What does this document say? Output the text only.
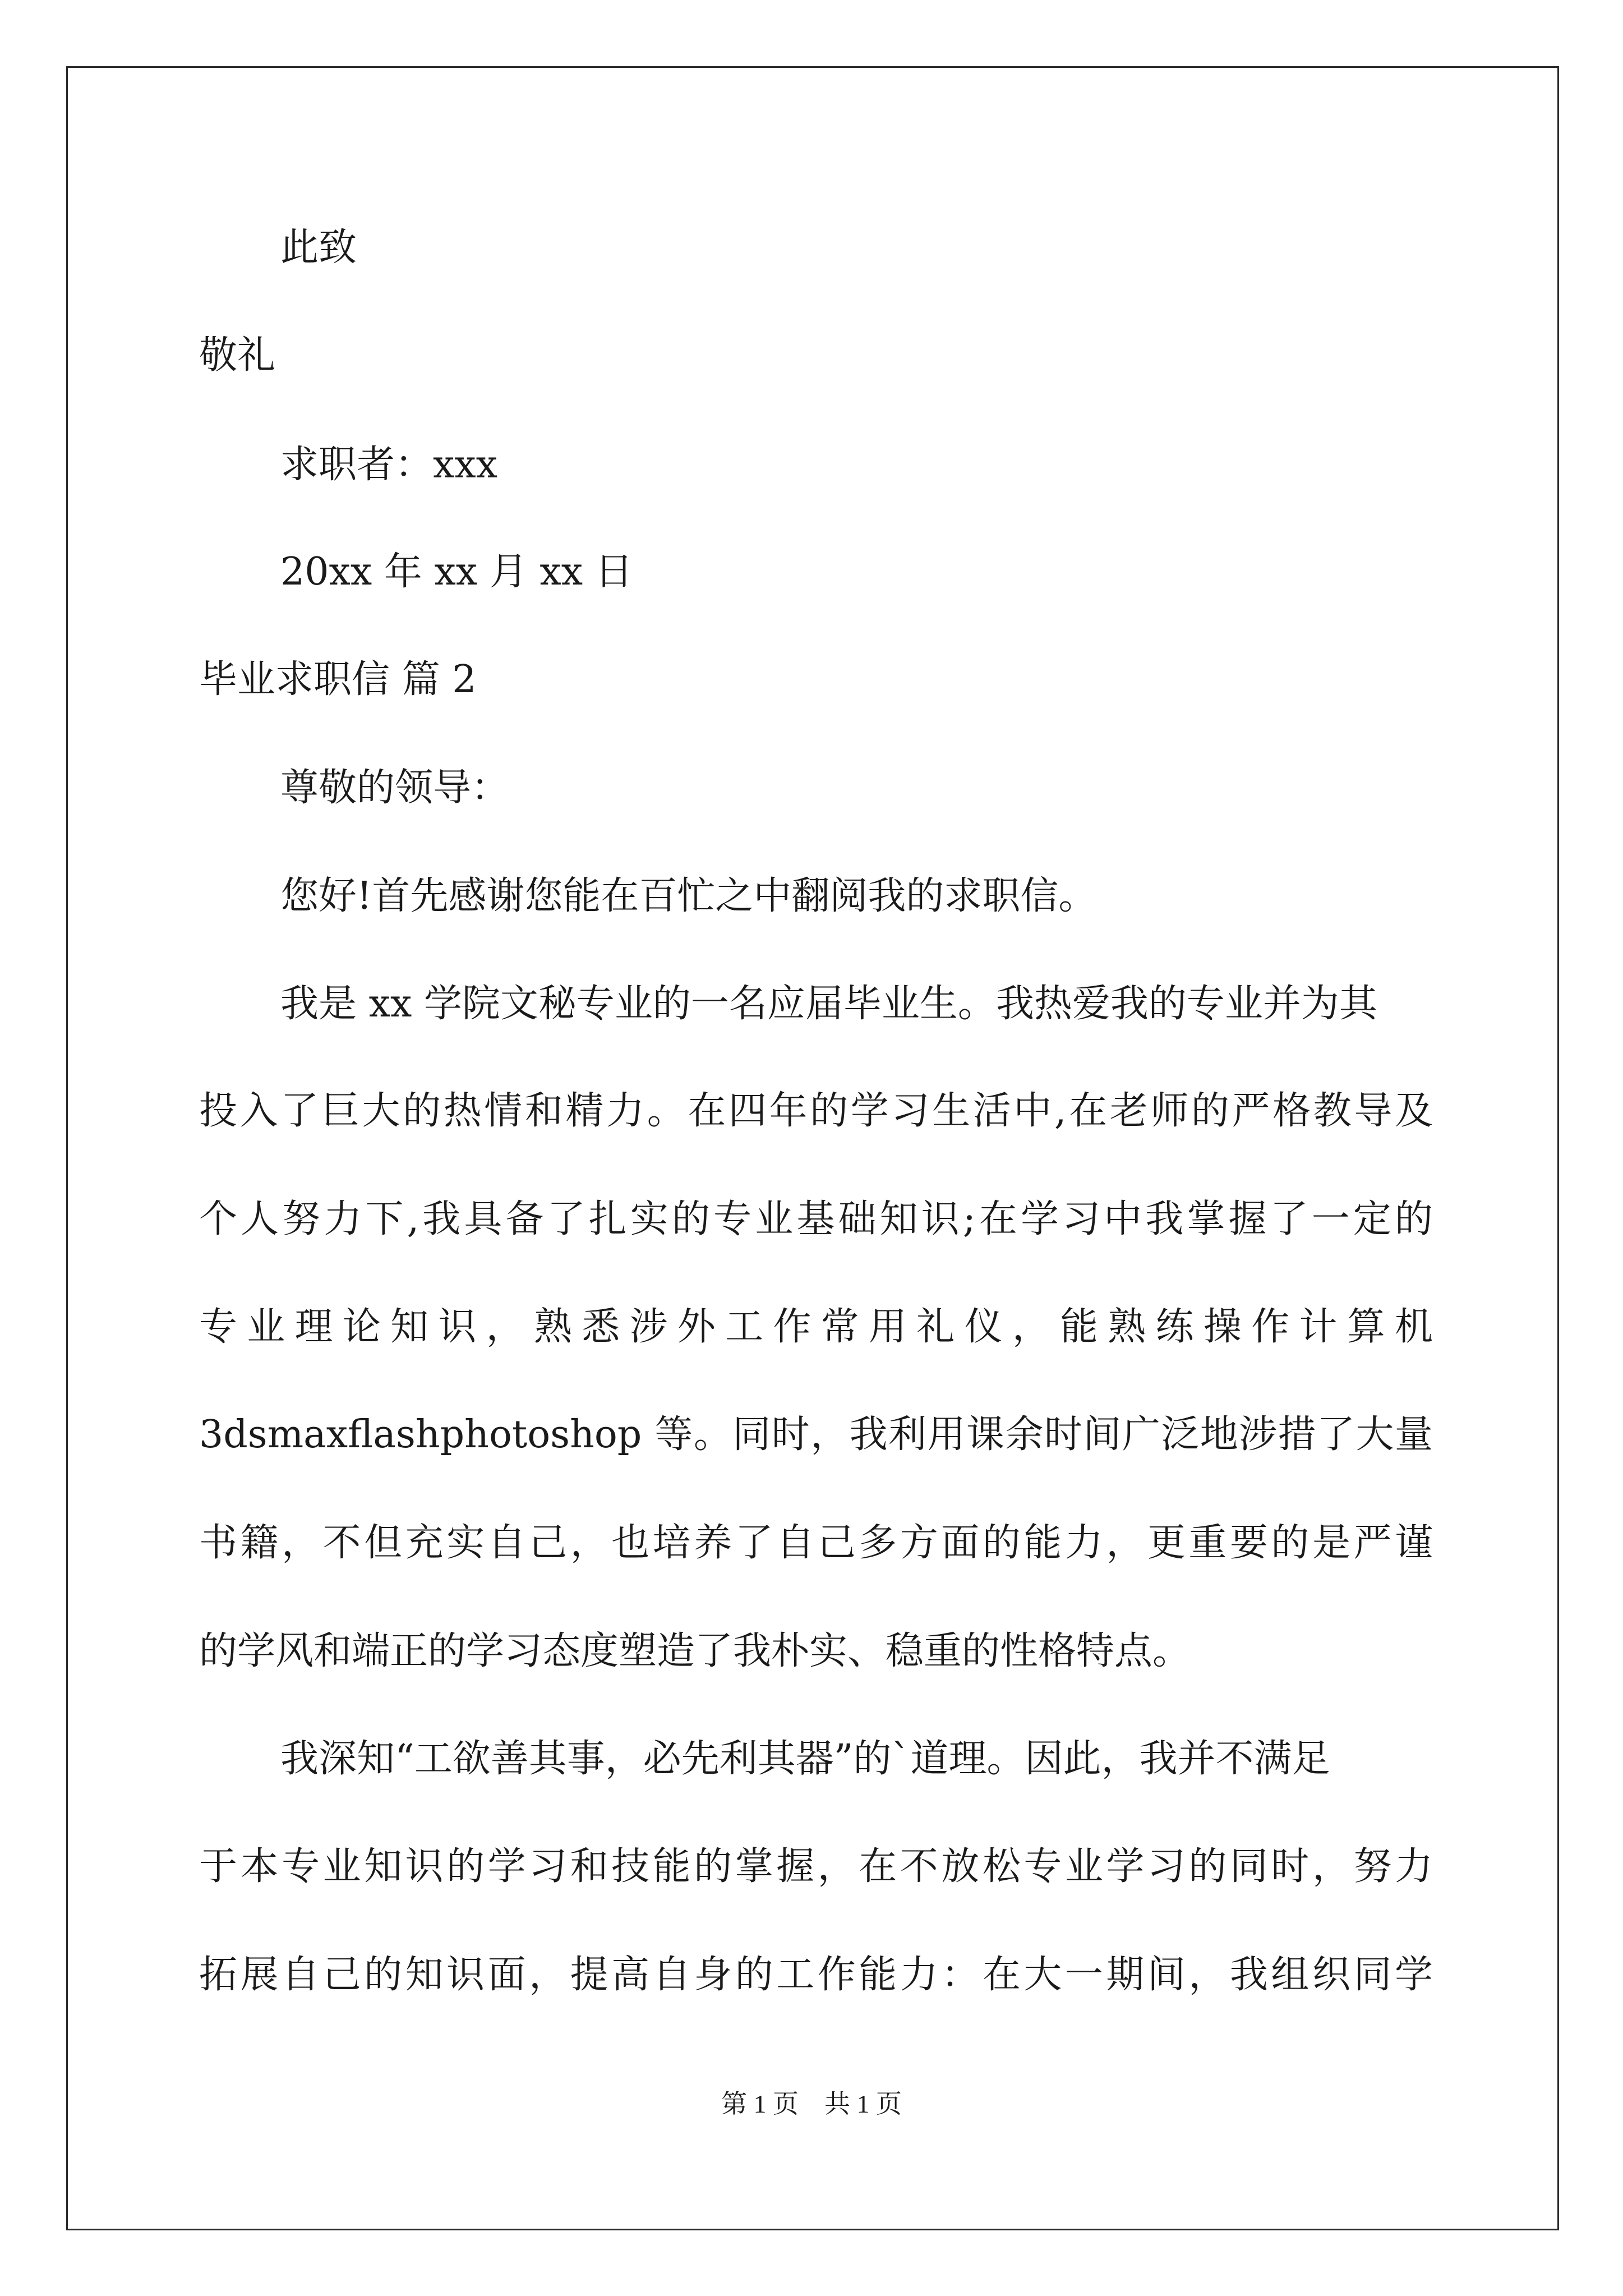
此致
敬礼
求职者：xxx
20xx 年 xx 月 xx 日
毕业求职信 篇 2
尊敬的领导：
您好!首先感谢您能在百忙之中翻阅我的求职信。
我是 xx 学院文秘专业的一名应届毕业生。我热爱我的专业并为其
投入了巨大的热情和精力。在四年的学习生活中,在老师的严格教导及
个人努力下,我具备了扎实的专业基础知识;在学习中我掌握了一定的
专业理论知识，熟悉涉外工作常用礼仪，能熟练操作计算机
3dsmaxflashphotoshop 等。同时，我利用课余时间广泛地涉措了大量
书籍，不但充实自己，也培养了自己多方面的能力，更重要的是严谨
的学风和端正的学习态度塑造了我朴实、稳重的性格特点。
我深知“工欲善其事，必先利其器”的`道理。因此，我并不满足
于本专业知识的学习和技能的掌握，在不放松专业学习的同时，努力
拓展自己的知识面，提高自身的工作能力：在大一期间，我组织同学
第 1 页　共 1 页
